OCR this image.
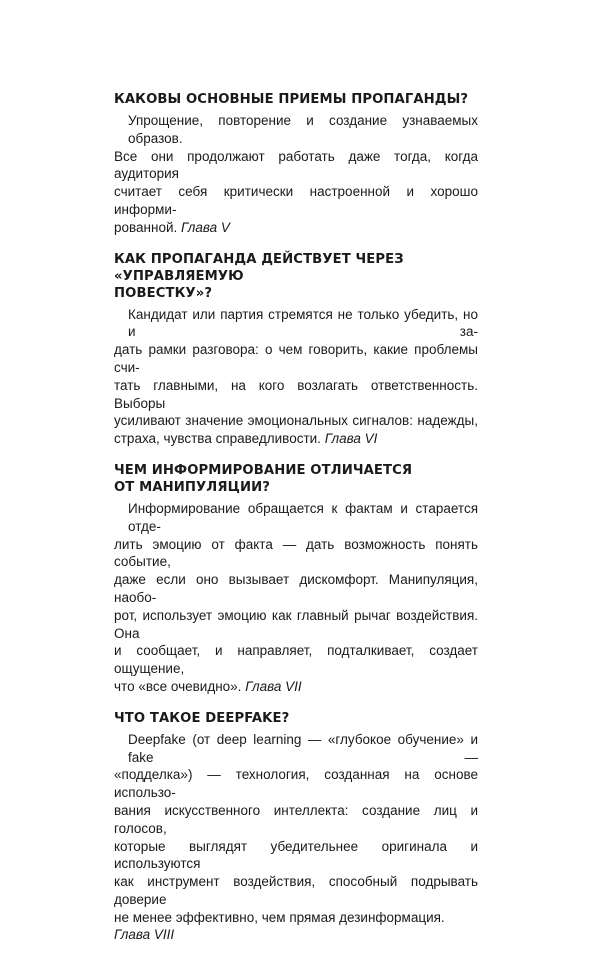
КАКОВЫ ОСНОВНЫЕ ПРИЕМЫ ПРОПАГАНДЫ?
Упрощение, повторение и создание узнаваемых образов.
Все они продолжают работать даже тогда, когда аудитория
считает себя критически настроенной и хорошо информи-
рованной. Глава V
КАК ПРОПАГАНДА ДЕЙСТВУЕТ ЧЕРЕЗ «УПРАВЛЯЕМУЮ
ПОВЕСТКУ»?
Кандидат или партия стремятся не только убедить, но и за-
дать рамки разговора: о чем говорить, какие проблемы счи-
тать главными, на кого возлагать ответственность. Выборы
усиливают значение эмоциональных сигналов: надежды,
страха, чувства справедливости. Глава VI
ЧЕМ ИНФОРМИРОВАНИЕ ОТЛИЧАЕТСЯ
ОТ МАНИПУЛЯЦИИ?
Информирование обращается к фактам и старается отде-
лить эмоцию от факта — дать возможность понять событие,
даже если оно вызывает дискомфорт. Манипуляция, наобо-
рот, использует эмоцию как главный рычаг воздействия. Она
и сообщает, и направляет, подталкивает, создает ощущение,
что «все очевидно». Глава VII
ЧТО ТАКОЕ DEEPFAKE?
Deepfake (от deep learning — «глубокое обучение» и fake —
«подделка») — технология, созданная на основе использо-
вания искусственного интеллекта: создание лиц и голосов,
которые выглядят убедительнее оригинала и используются
как инструмент воздействия, способный подрывать доверие
не менее эффективно, чем прямая дезинформация. Глава VIII
